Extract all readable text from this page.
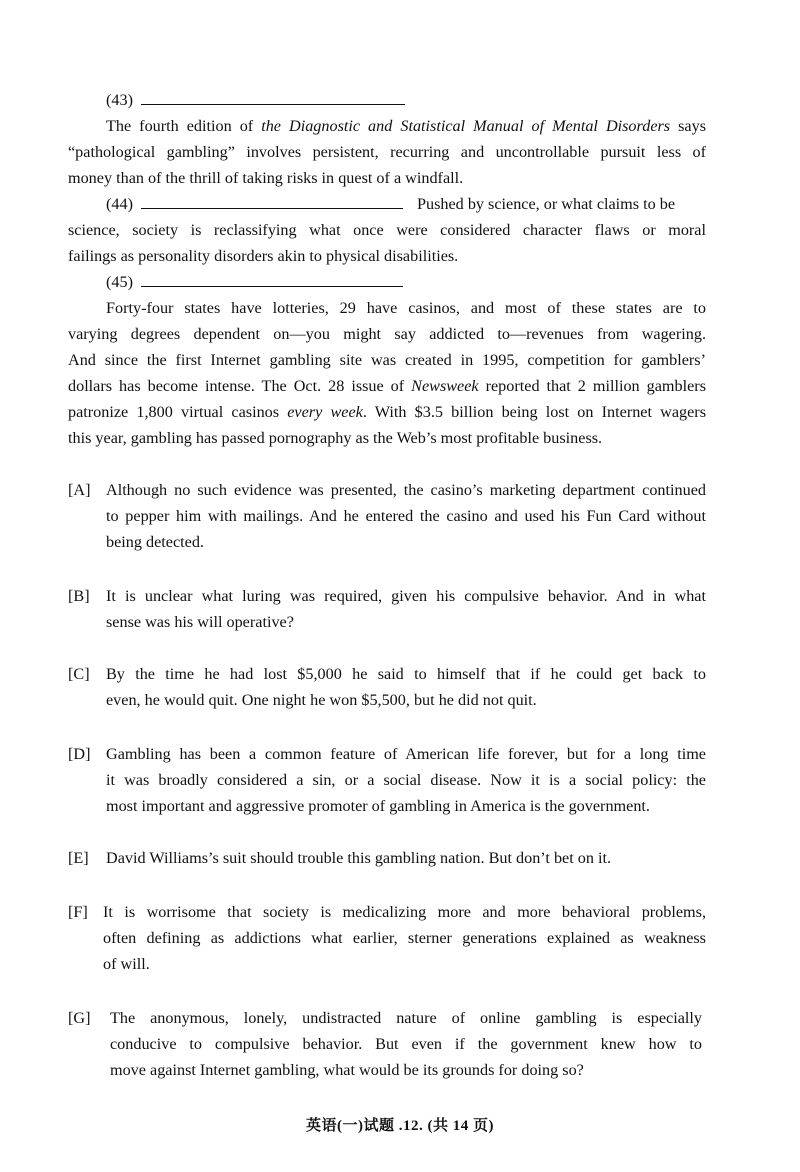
(43)
The fourth edition of the Diagnostic and Statistical Manual of Mental Disorders says
“pathological gambling” involves persistent, recurring and uncontrollable pursuit less of
money than of the thrill of taking risks in quest of a windfall.
(44)	Pushed by science, or what claims to be
science, society is reclassifying what once were considered character flaws or moral
failings as personality disorders akin to physical disabilities.
(45)
Forty-four states have lotteries, 29 have casinos, and most of these states are to
varying degrees dependent on—you might say addicted to—revenues from wagering.
And since the first Internet gambling site was created in 1995, competition for gamblers’
dollars has become intense. The Oct. 28 issue of Newsweek reported that 2 million gamblers
patronize 1,800 virtual casinos every week. With $3.5 billion being lost on Internet wagers
this year, gambling has passed pornography as the Web’s most profitable business.
英语(一)试题 .12. (共 14 页)
[A] Although no such evidence was presented, the casino’s marketing department continued
to pepper him with mailings. And he entered the casino and used his Fun Card without
being detected.
[B] It is unclear what luring was required, given his compulsive behavior. And in what
sense was his will operative?
[C] By the time he had lost $5,000 he said to himself that if he could get back to
even, he would quit. One night he won $5,500, but he did not quit.
[D] Gambling has been a common feature of American life forever, but for a long time
it was broadly considered a sin, or a social disease. Now it is a social policy: the
most important and aggressive promoter of gambling in America is the government.
[E] David Williams’s suit should trouble this gambling nation. But don’t bet on it.
[F] It is worrisome that society is medicalizing more and more behavioral problems,
often defining as addictions what earlier, sterner generations explained as weakness
of will.
[G] The anonymous, lonely, undistracted nature of online gambling is especially
conducive to compulsive behavior. But even if the government knew how to
move against Internet gambling, what would be its grounds for doing so?
